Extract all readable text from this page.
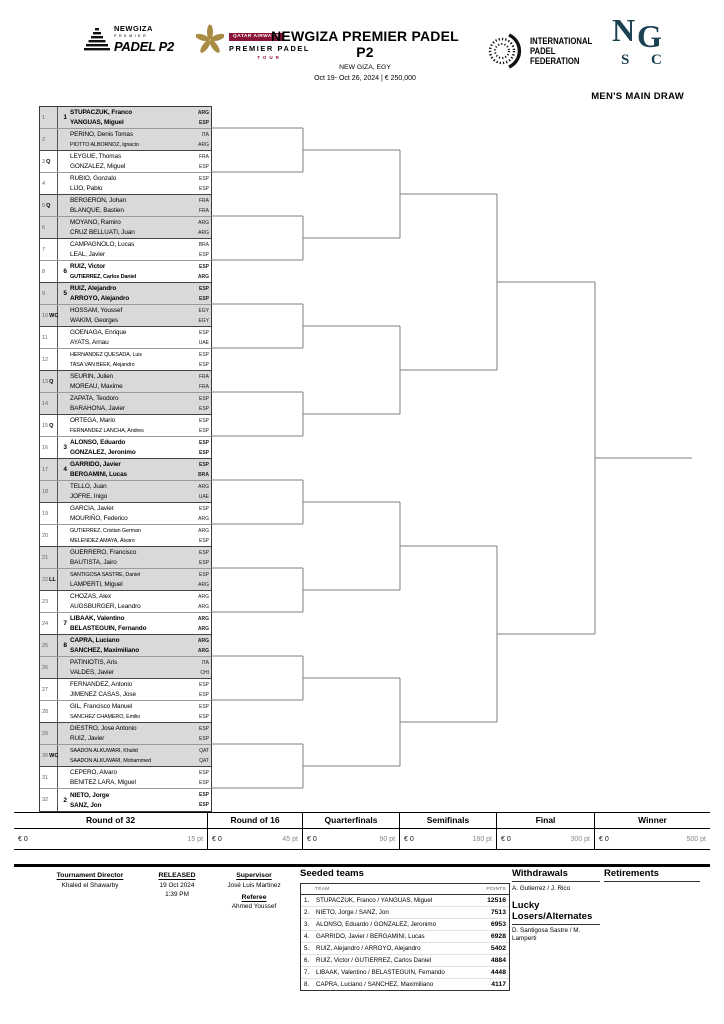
NEWGIZA
PREMIER
PADEL P2
QATAR AIRWAYS
PREMIER PADEL
TOUR
NEWGIZA PREMIER PADEL P2
NEW GIZA, EGY
Oct 19- Oct 26, 2024 | € 250,000
INTERNATIONAL
PADEL
FEDERATION
N G
S C
MEN'S MAIN DRAW
1	1
STUPACZUK, Franco	ARG
YANGUAS, Miguel	ESP
2
PERINO, Denis Tomas	ITA
PIOTTO ALBORNOZ, Ignacio	ARG
3 Q
LEYGUE, Thomas	FRA
GONZALEZ, Miguel	ESP
4
RUBIO, Gonzalo	ESP
LIJO, Pablo	ESP
5 Q
BERGERON, Johan	FRA
BLANQUE, Bastien	FRA
6
MOYANO, Ramiro	ARG
CRUZ BELLUATI, Juan	ARG
7
CAMPAGNOLO, Lucas	BRA
LEAL, Javier	ESP
8	6
RUIZ, Victor	ESP
GUTIERREZ, Carlos Daniel	ARG
9	5
RUIZ, Alejandro	ESP
ARROYO, Alejandro	ESP
10 WC
HOSSAM, Youssef	EGY
WAKIM, Georges	EGY
11
GOENAGA, Enrique	ESP
AYATS, Arnau	UAE
12
HERNANDEZ QUESADA, Luis	ESP
TASA VAN BEEK, Alejandro	ESP
13 Q
SEURIN, Julien	FRA
MOREAU, Maxime	FRA
14
ZAPATA, Teodoro	ESP
BARAHONA, Javier	ESP
15 Q
ORTEGA, Mario	ESP
FERNANDEZ LANCHA, Andres	ESP
16	3
ALONSO, Eduardo	ESP
GONZALEZ, Jeronimo	ESP
17	4
GARRIDO, Javier	ESP
BERGAMINI, Lucas	BRA
18
TELLO, Juan	ARG
JOFRE, Inigo	UAE
19
GARCIA, Javier	ESP
MOURIÑO, Federico	ARG
20
GUTIERREZ, Cristian German	ARG
MELENDEZ AMAYA, Álvaro	ESP
21
GUERRERO, Francisco	ESP
BAUTISTA, Jairo	ESP
22 LL
SANTIGOSA SASTRE, Daniel	ESP
LAMPERTI, Miguel	ARG
23
CHOZAS, Alex	ARG
AUGSBURGER, Leandro	ARG
24	7
LIBAAK, Valentino	ARG
BELASTEGUIN, Fernando	ARG
25	8
CAPRA, Luciano	ARG
SANCHEZ, Maximiliano	ARG
26
PATINIOTIS, Aris	ITA
VALDES, Javier	CHI
27
FERNANDEZ, Antonio	ESP
JIMENEZ CASAS, Jose	ESP
28
GIL, Francisco Manuel	ESP
SANCHEZ CHAMERO, Emilio	ESP
29
DIESTRO, Jose Antonio	ESP
RUIZ, Javier	ESP
30 WC
SAADON ALKUWARI, Khalid	QAT
SAADON ALKUWARI, Mohammed	QAT
31
CEPERO, Alvaro	ESP
BENITEZ LARA, Miguel	ESP
32	2
NIETO, Jorge	ESP
SANZ, Jon	ESP
Round of 32
€ 0	15 pt
Round of 16
€ 0	45 pt
Quarterfinals
€ 0	90 pt
Semifinals
€ 0	180 pt
Final
€ 0	300 pt
Winner
€ 0	500 pt
Tournament Director
Khaled el Shawarby
RELEASED
19 Oct 2024
1:39 PM
Supervisor
José Luis Martinez
Referee
Ahmed Youssef
Seeded teams
TEAM	POINTS
1.	STUPACZUK, Franco / YANGUAS, Miguel	12516
2.	NIETO, Jorge / SANZ, Jon	7513
3.	ALONSO, Eduardo / GONZALEZ, Jeronimo	6953
4.	GARRIDO, Javier / BERGAMINI, Lucas	6928
5.	RUIZ, Alejandro / ARROYO, Alejandro	5402
6.	RUIZ, Victor / GUTIERREZ, Carlos Daniel	4884
7.	LIBAAK, Valentino / BELASTEGUIN, Fernando	4448
8.	CAPRA, Luciano / SANCHEZ, Maximiliano	4117
Withdrawals
A. Gutierrez / J. Rico
Lucky Losers/Alternates
D. Santigosa Sastre / M. Lamperti
Retirements
